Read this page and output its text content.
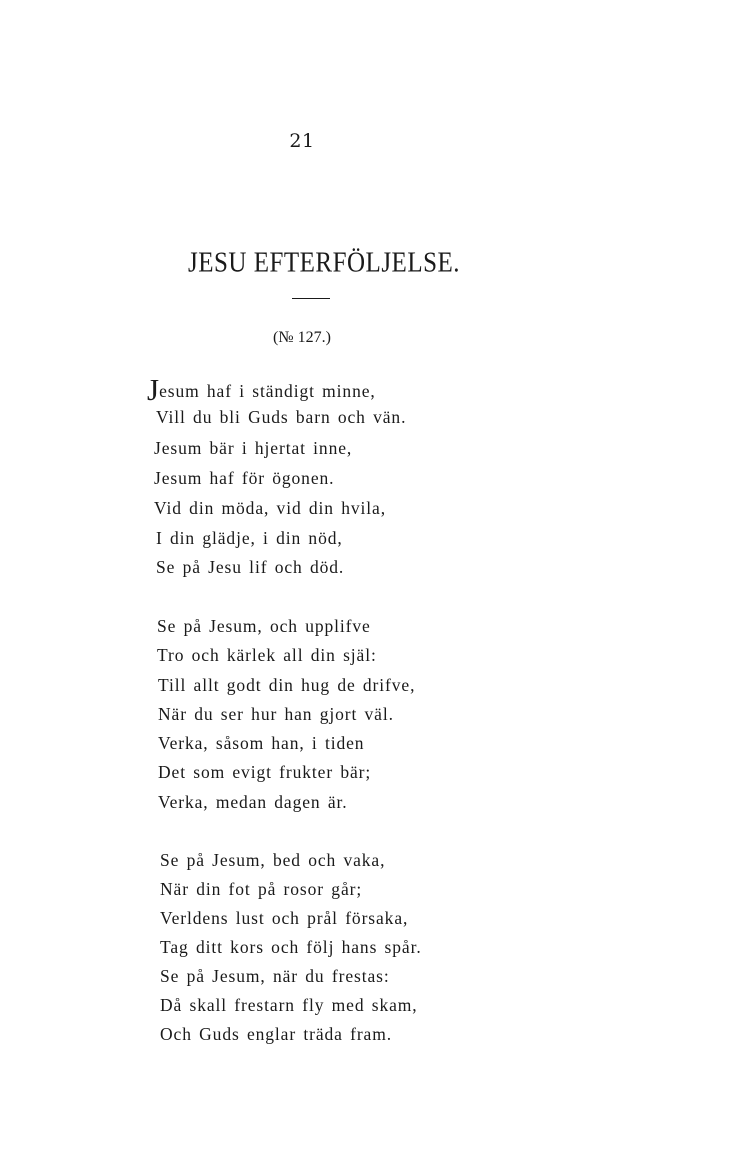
21
JESU EFTERFÖLJELSE.
(№ 127.)
Jesum haf i ständigt minne,
Vill du bli Guds barn och vän.
Jesum bär i hjertat inne,
Jesum haf för ögonen.
Vid din möda, vid din hvila,
I din glädje, i din nöd,
Se på Jesu lif och död.
Se på Jesum, och upplifve
Tro och kärlek all din själ:
Till allt godt din hug de drifve,
När du ser hur han gjort väl.
Verka, såsom han, i tiden
Det som evigt frukter bär;
Verka, medan dagen är.
Se på Jesum, bed och vaka,
När din fot på rosor går;
Verldens lust och prål försaka,
Tag ditt kors och följ hans spår.
Se på Jesum, när du frestas:
Då skall frestarn fly med skam,
Och Guds englar träda fram.
